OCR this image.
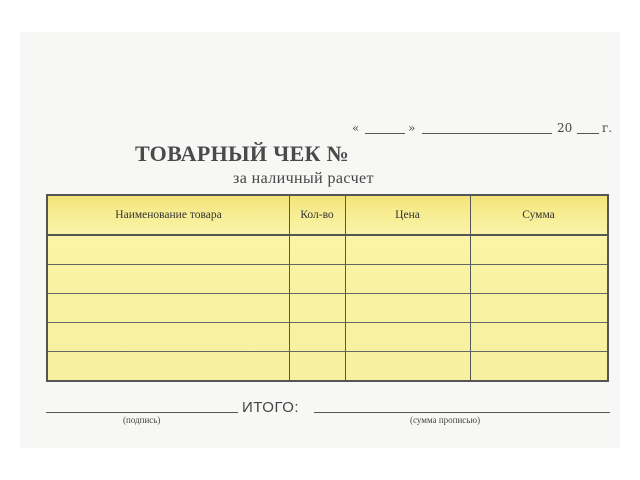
«	»	20 г.
ТОВАРНЫЙ ЧЕК №
за наличный расчет
Наименование товара	Кол-во	Цена	Сумма
ИТОГО:
(подпись)	(сумма прописью)
